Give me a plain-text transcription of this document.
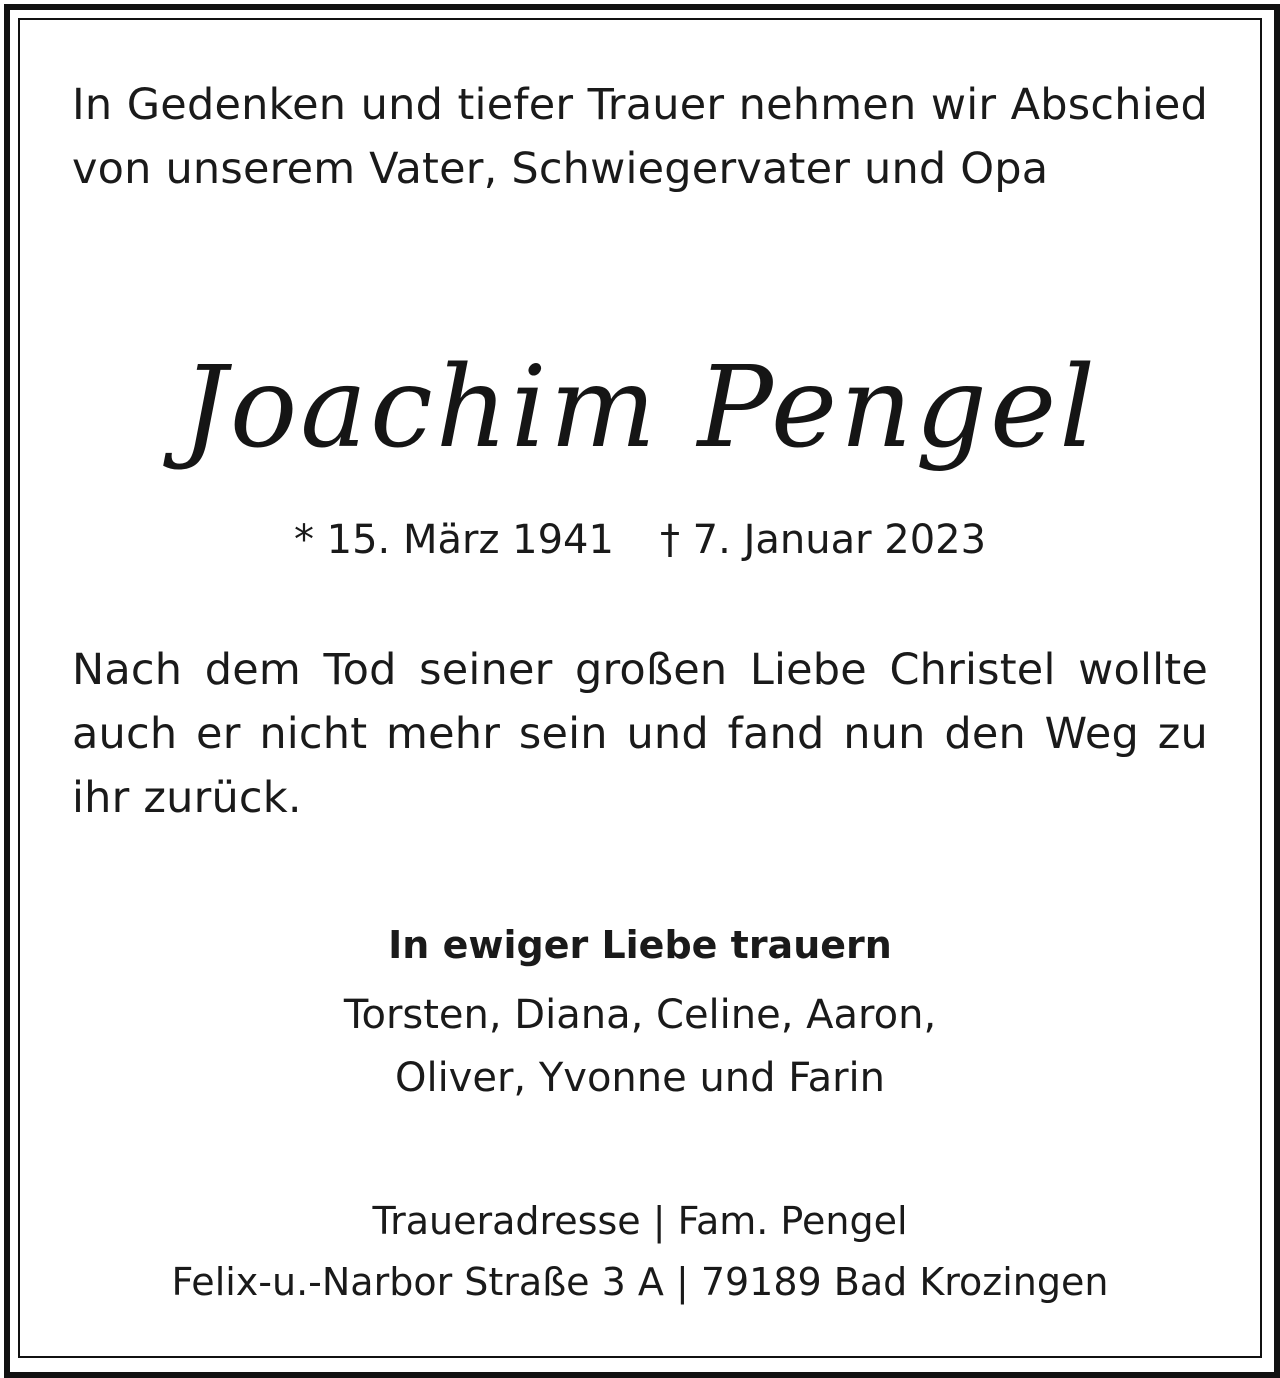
In Gedenken und tiefer Trauer nehmen wir Abschied von unserem Vater, Schwiegervater und Opa
Joachim Pengel
* 15. März 1941 † 7. Januar 2023
Nach dem Tod seiner großen Liebe Christel wollte auch er nicht mehr sein und fand nun den Weg zu ihr zurück.
In ewiger Liebe trauern
Torsten, Diana, Celine, Aaron,
Oliver, Yvonne und Farin
Traueradresse | Fam. Pengel
Felix-u.-Narbor Straße 3 A | 79189 Bad Krozingen
